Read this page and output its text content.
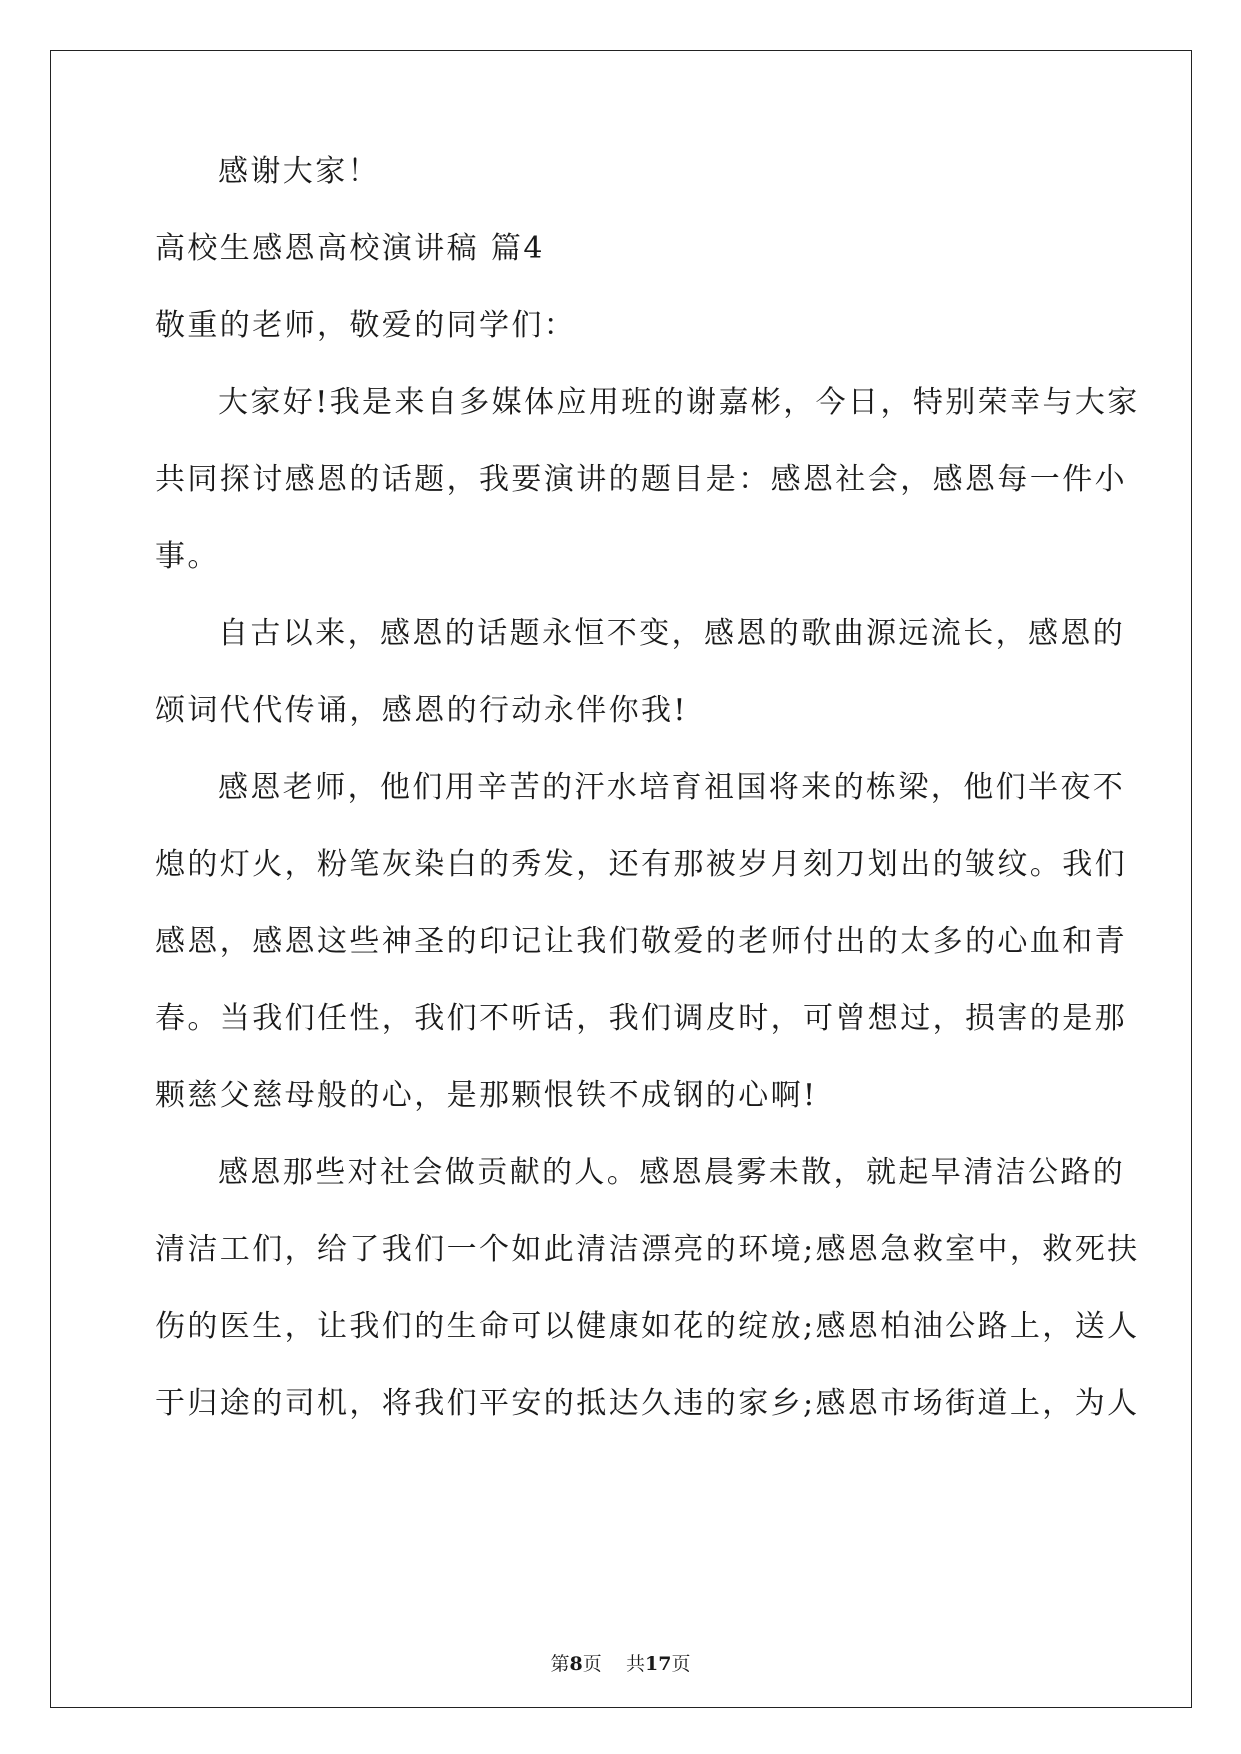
感谢大家！
高校生感恩高校演讲稿 篇4
敬重的老师，敬爱的同学们：
大家好!我是来自多媒体应用班的谢嘉彬，今日，特别荣幸与大家
共同探讨感恩的话题，我要演讲的题目是：感恩社会，感恩每一件小
事。
自古以来，感恩的话题永恒不变，感恩的歌曲源远流长，感恩的
颂词代代传诵，感恩的行动永伴你我!
感恩老师，他们用辛苦的汗水培育祖国将来的栋梁，他们半夜不
熄的灯火，粉笔灰染白的秀发，还有那被岁月刻刀划出的皱纹。我们
感恩，感恩这些神圣的印记让我们敬爱的老师付出的太多的心血和青
春。当我们任性，我们不听话，我们调皮时，可曾想过，损害的是那
颗慈父慈母般的心，是那颗恨铁不成钢的心啊!
感恩那些对社会做贡献的人。感恩晨雾未散，就起早清洁公路的
清洁工们，给了我们一个如此清洁漂亮的环境;感恩急救室中，救死扶
伤的医生，让我们的生命可以健康如花的绽放;感恩柏油公路上，送人
于归途的司机，将我们平安的抵达久违的家乡;感恩市场街道上，为人
第8页 共17页
